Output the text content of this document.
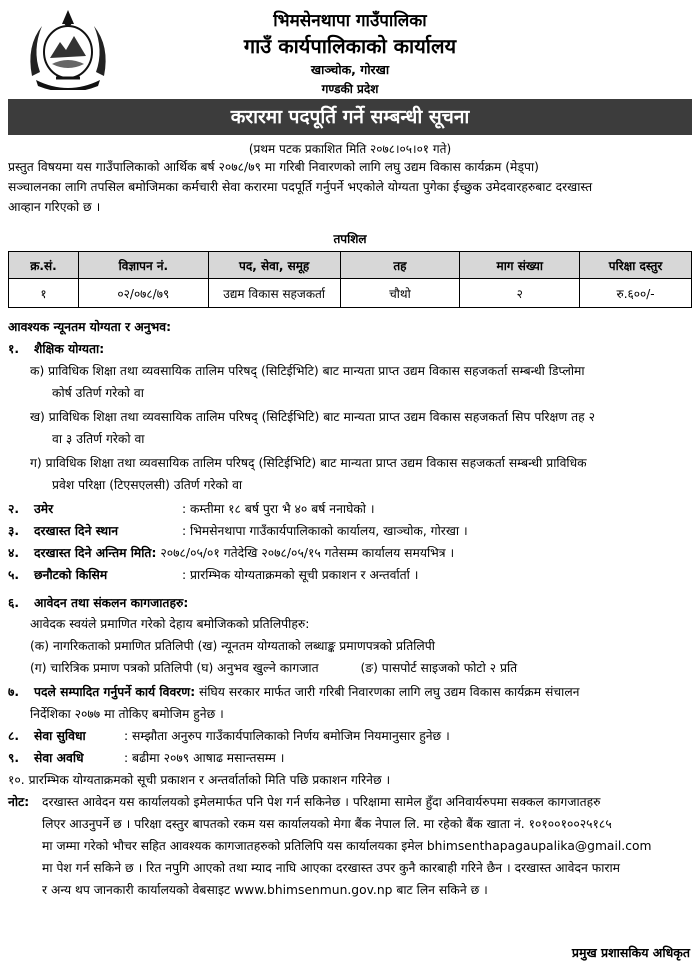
भिमसेनथापा गाउँपालिका
गाउँ कार्यपालिकाको कार्यालय
खाञ्चोक, गोरखा
गण्डकी प्रदेश
करारमा पदपूर्ति गर्ने सम्बन्धी सूचना
(प्रथम पटक प्रकाशित मिति २०७८।०५।०१ गते)
प्रस्तुत विषयमा यस गाउँपालिकाको आर्थिक बर्ष २०७८/७९ मा गरिबी निवारणको लागि लघु उद्यम विकास कार्यक्रम (मेड्पा)
सञ्चालनका लागि तपसिल बमोजिमका कर्मचारी सेवा करारमा पदपूर्ति गर्नुपर्ने भएकोले योग्यता पुगेका ईच्छुक उमेदवारहरुबाट दरखास्त
आव्हान गरिएको छ ।
तपशिल
क्र.सं.	विज्ञापन नं.	पद, सेवा, समूह	तह	माग संख्या	परिक्षा दस्तुर
१	०२/०७८/७९	उद्यम विकास सहजकर्ता	चौथो	२	रु.६००/-
आवश्यक न्यूनतम योग्यता र अनुभव:
१. शैक्षिक योग्यता:
क) प्राविधिक शिक्षा तथा व्यवसायिक तालिम परिषद् (सिटिईभिटि) बाट मान्यता प्राप्त उद्यम विकास सहजकर्ता सम्बन्धी डिप्लोमा
कोर्ष उतिर्ण गरेको वा
ख) प्राविधिक शिक्षा तथा व्यवसायिक तालिम परिषद् (सिटिईभिटि) बाट मान्यता प्राप्त उद्यम विकास सहजकर्ता सिप परिक्षण तह २
वा ३ उतिर्ण गरेको वा
ग) प्राविधिक शिक्षा तथा व्यवसायिक तालिम परिषद् (सिटिईभिटि) बाट मान्यता प्राप्त उद्यम विकास सहजकर्ता सम्बन्धी प्राविधिक
प्रवेश परिक्षा (टिएसएलसी) उतिर्ण गरेको वा
२. उमेर	: कम्तीमा १८ बर्ष पुरा भै ४० बर्ष ननाघेको ।
३. दरखास्त दिने स्थान	: भिमसेनथापा गाउँकार्यपालिकाको कार्यालय, खाञ्चोक, गोरखा ।
४. दरखास्त दिने अन्तिम मिति: २०७८/०५/०१ गतेदेखि २०७८/०५/१५ गतेसम्म कार्यालय समयभित्र ।
५. छनौटको किसिम	: प्रारम्भिक योग्यताक्रमको सूची प्रकाशन र अन्तर्वार्ता ।
६. आवेदन तथा संकलन कागजातहरु:
आवेदक स्वयंले प्रमाणित गरेको देहाय बमोजिकको प्रतिलिपीहरु:
(क) नागरिकताको प्रमाणित प्रतिलिपी (ख) न्यूनतम योग्यताको लब्धाङ्क प्रमाणपत्रको प्रतिलिपी
(ग) चारित्रिक प्रमाण पत्रको प्रतिलिपी (घ) अनुभव खुल्ने कागजात	(ङ) पासपोर्ट साइजको फोटो २ प्रति
७. पदले सम्पादित गर्नुपर्ने कार्य विवरण: संघिय सरकार मार्फत जारी गरिबी निवारणका लागि लघु उद्यम विकास कार्यक्रम संचालन
निर्देशिका २०७७ मा तोकिए बमोजिम हुनेछ ।
८. सेवा सुविधा	: सम्झौता अनुरुप गाउँकार्यपालिकाको निर्णय बमोजिम नियमानुसार हुनेछ ।
९. सेवा अवधि	: बढीमा २०७९ आषाढ मसान्तसम्म ।
१०. प्रारम्भिक योग्यताक्रमको सूची प्रकाशन र अन्तर्वार्ताको मिति पछि प्रकाशन गरिनेछ ।
नोट: दरखास्त आवेदन यस कार्यालयको इमेलमार्फत पनि पेश गर्न सकिनेछ । परिक्षामा सामेल हुँदा अनिवार्यरुपमा सक्कल कागजातहरु
लिएर आउनुपर्ने छ । परिक्षा दस्तुर बापतको रकम यस कार्यालयको मेगा बैंक नेपाल लि. मा रहेको बैंक खाता नं. १०१००१००२५१८५
मा जम्मा गरेको भौचर सहित आवश्यक कागजातहरुको प्रतिलिपि यस कार्यालयका इमेल bhimsenthapagaupalika@gmail.com
मा पेश गर्न सकिने छ । रित नपुगि आएको तथा म्याद नाघि आएका दरखास्त उपर कुनै कारबाही गरिने छैन । दरखास्त आवेदन फाराम
र अन्य थप जानकारी कार्यालयको वेबसाइट www.bhimsenmun.gov.np बाट लिन सकिने छ ।
प्रमुख प्रशासकिय अधिकृत
